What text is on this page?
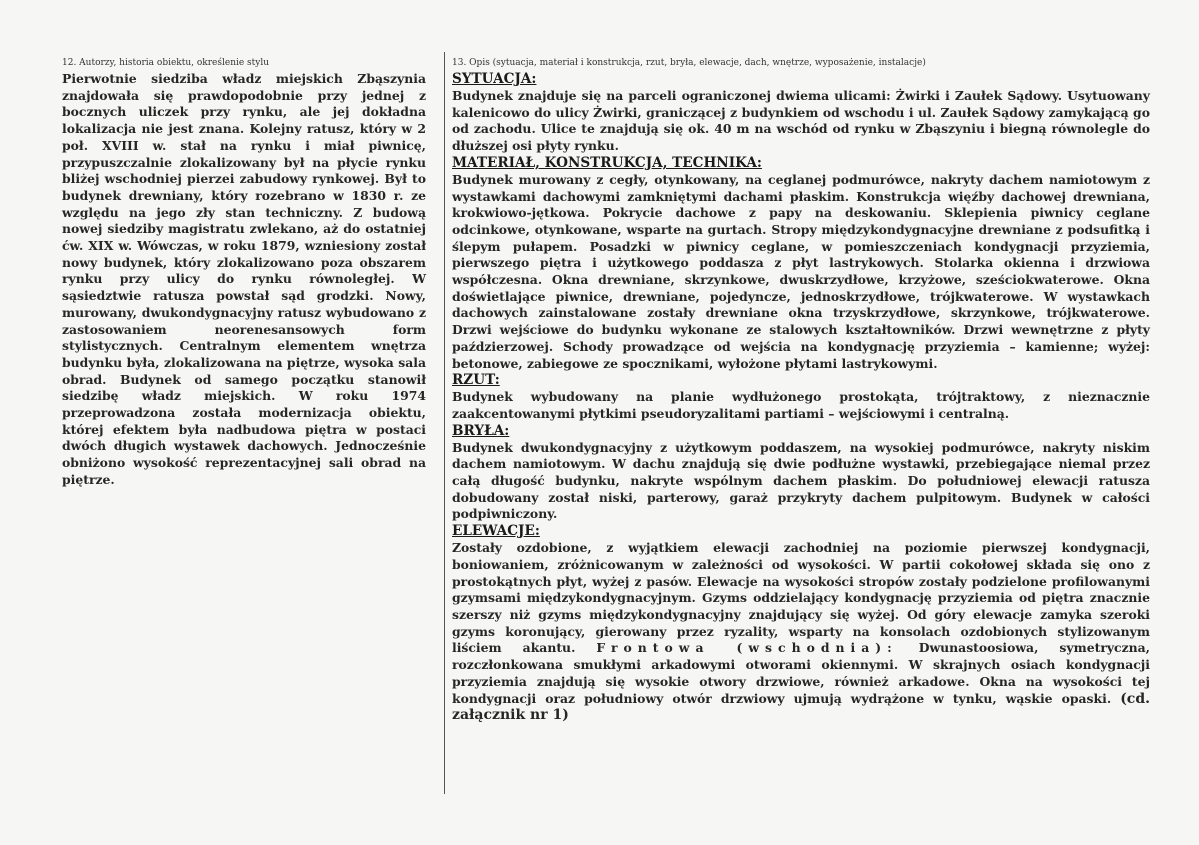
12. Autorzy, historia obiektu, określenie stylu

Pierwotnie siedziba władz miejskich Zbąszynia znajdowała się prawdopodobnie przy jednej z bocznych uliczek przy rynku, ale jej dokładna lokalizacja nie jest znana. Kolejny ratusz, który w 2 poł. XVIII w. stał na rynku i miał piwnicę, przypuszczalnie zlokalizowany był na płycie rynku bliżej wschodniej pierzei zabudowy rynkowej. Był to budynek drewniany, który rozebrano w 1830 r. ze względu na jego zły stan techniczny. Z budową nowej siedziby magistratu zwlekano, aż do ostatniej ćw. XIX w. Wówczas, w roku 1879, wzniesiony został nowy budynek, który zlokalizowano poza obszarem rynku przy ulicy do rynku równoległej. W sąsiedztwie ratusza powstał sąd grodzki. Nowy, murowany, dwukondygnacyjny ratusz wybudowano z zastosowaniem neorenesansowych form stylistycznych. Centralnym elementem wnętrza budynku była, zlokalizowana na piętrze, wysoka sala obrad. Budynek od samego początku stanowił siedzibę władz miejskich. W roku 1974 przeprowadzona została modernizacja obiektu, której efektem była nadbudowa piętra w postaci dwóch długich wystawek dachowych. Jednocześnie obniżono wysokość reprezentacyjnej sali obrad na piętrze.

13. Opis (sytuacja, materiał i konstrukcja, rzut, bryła, elewacje, dach, wnętrze, wyposażenie, instalacje)

SYTUACJA:

Budynek znajduje się na parceli ograniczonej dwiema ulicami: Żwirki i Zaułek Sądowy. Usytuowany kalenicowo do ulicy Żwirki, graniczącej z budynkiem od wschodu i ul. Zaułek Sądowy zamykającą go od zachodu. Ulice te znajdują się ok. 40 m na wschód od rynku w Zbąszyniu i biegną równolegle do dłuższej osi płyty rynku.

MATERIAŁ, KONSTRUKCJA, TECHNIKA:

Budynek murowany z cegły, otynkowany, na ceglanej podmurówce, nakryty dachem namiotowym z wystawkami dachowymi zamkniętymi dachami płaskim. Konstrukcja więźby dachowej drewniana, krokwiowo-jętkowa. Pokrycie dachowe z papy na deskowaniu. Sklepienia piwnicy ceglane odcinkowe, otynkowane, wsparte na gurtach. Stropy międzykondygnacyjne drewniane z podsufitką i ślepym pułapem. Posadzki w piwnicy ceglane, w pomieszczeniach kondygnacji przyziemia, pierwszego piętra i użytkowego poddasza z płyt lastrykowych. Stolarka okienna i drzwiowa współczesna. Okna drewniane, skrzynkowe, dwuskrzydłowe, krzyżowe, sześciokwaterowe. Okna doświetlające piwnice, drewniane, pojedyncze, jednoskrzydłowe, trójkwaterowe. W wystawkach dachowych zainstalowane zostały drewniane okna trzyskrzydłowe, skrzynkowe, trójkwaterowe. Drzwi wejściowe do budynku wykonane ze stalowych kształtowników. Drzwi wewnętrzne z płyty paździerzowej. Schody prowadzące od wejścia na kondygnację przyziemia – kamienne; wyżej: betonowe, zabiegowe ze spocznikami, wyłożone płytami lastrykowymi.

RZUT:

Budynek wybudowany na planie wydłużonego prostokąta, trójtraktowy, z nieznacznie zaakcentowanymi płytkimi pseudoryzalitami partiami – wejściowymi i centralną.

BRYŁA:

Budynek dwukondygnacyjny z użytkowym poddaszem, na wysokiej podmurówce, nakryty niskim dachem namiotowym. W dachu znajdują się dwie podłużne wystawki, przebiegające niemal przez całą długość budynku, nakryte wspólnym dachem płaskim. Do południowej elewacji ratusza dobudowany został niski, parterowy, garaż przykryty dachem pulpitowym. Budynek w całości podpiwniczony.

ELEWACJE:

Zostały ozdobione, z wyjątkiem elewacji zachodniej na poziomie pierwszej kondygnacji, boniowaniem, zróżnicowanym w zależności od wysokości. W partii cokołowej składa się ono z prostokątnych płyt, wyżej z pasów. Elewacje na wysokości stropów zostały podzielone profilowanymi gzymsami międzykondygnacyjnym. Gzyms oddzielający kondygnację przyziemia od piętra znacznie szerszy niż gzyms międzykondygnacyjny znajdujący się wyżej. Od góry elewacje zamyka szeroki gzyms koronujący, gierowany przez ryzality, wsparty na konsolach ozdobionych stylizowanym liściem akantu. Frontowa (wschodnia): Dwunastoosiowa, symetryczna, rozczłonkowana smukłymi arkadowymi otworami okiennymi. W skrajnych osiach kondygnacji przyziemia znajdują się wysokie otwory drzwiowe, również arkadowe. Okna na wysokości tej kondygnacji oraz południowy otwór drzwiowy ujmują wydrążone w tynku, wąskie opaski. (cd. załącznik nr 1)
